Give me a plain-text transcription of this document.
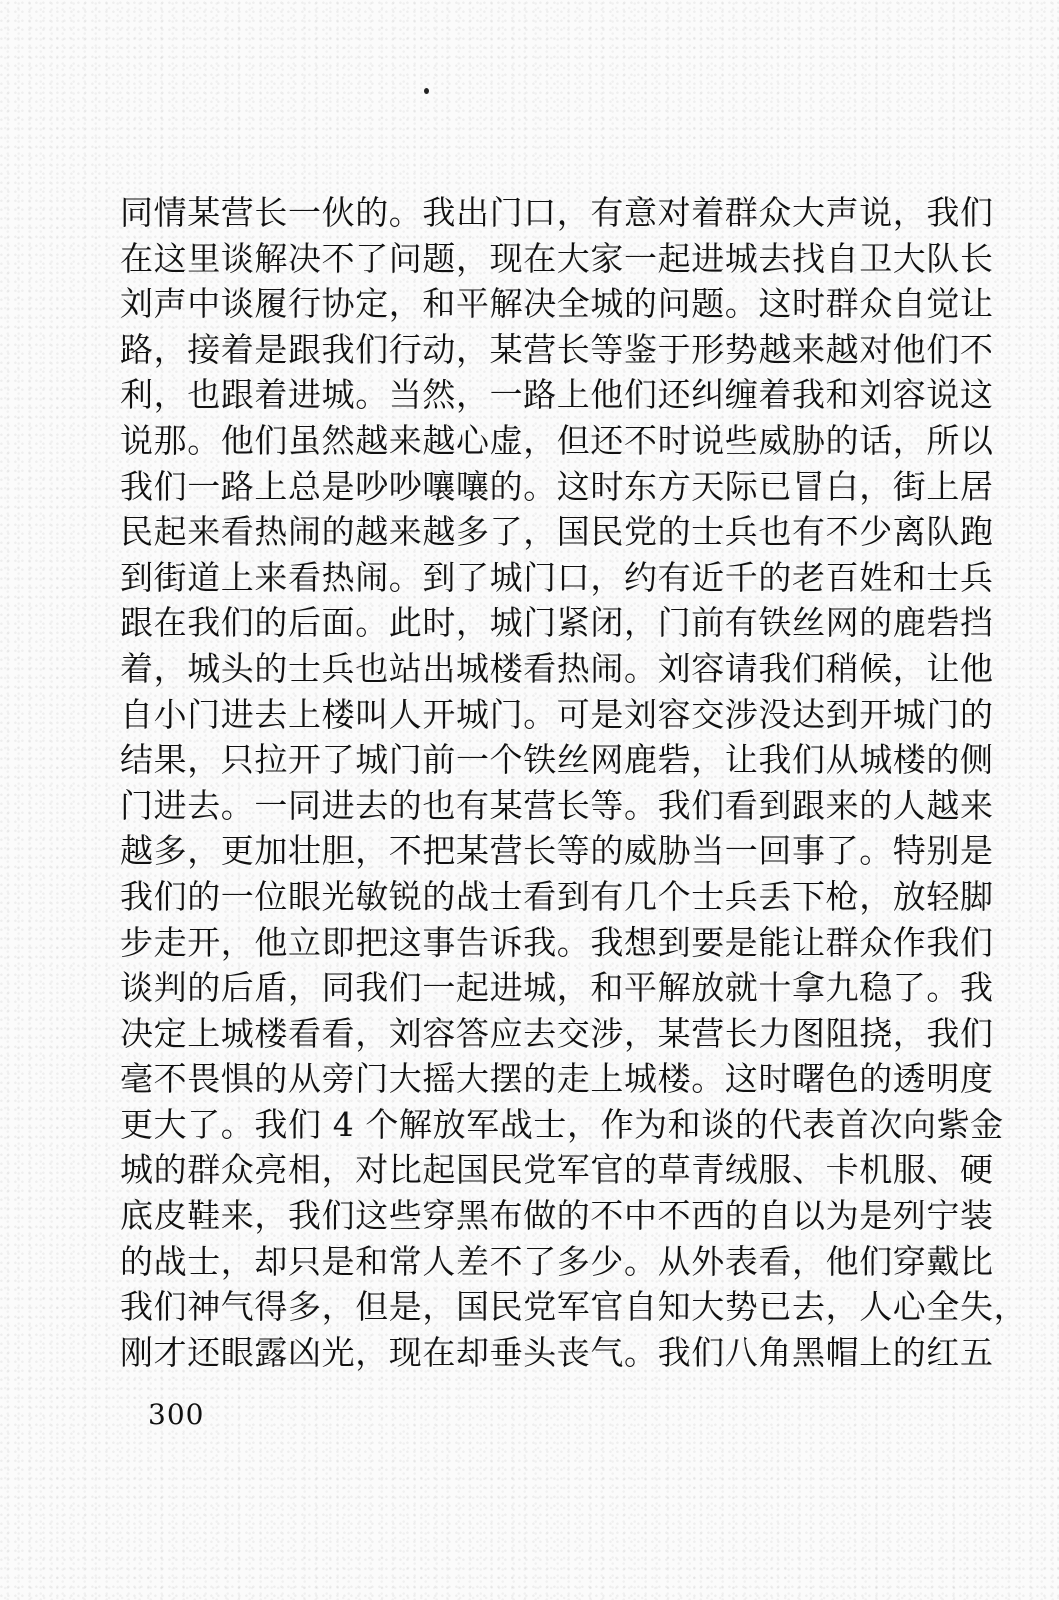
同情某营长一伙的。我出门口，有意对着群众大声说，我们
在这里谈解决不了问题，现在大家一起进城去找自卫大队长
刘声中谈履行协定，和平解决全城的问题。这时群众自觉让
路，接着是跟我们行动，某营长等鉴于形势越来越对他们不
利，也跟着进城。当然，一路上他们还纠缠着我和刘容说这
说那。他们虽然越来越心虚，但还不时说些威胁的话，所以
我们一路上总是吵吵嚷嚷的。这时东方天际已冒白，街上居
民起来看热闹的越来越多了，国民党的士兵也有不少离队跑
到街道上来看热闹。到了城门口，约有近千的老百姓和士兵
跟在我们的后面。此时，城门紧闭，门前有铁丝网的鹿砦挡
着，城头的士兵也站出城楼看热闹。刘容请我们稍候，让他
自小门进去上楼叫人开城门。可是刘容交涉没达到开城门的
结果，只拉开了城门前一个铁丝网鹿砦，让我们从城楼的侧
门进去。一同进去的也有某营长等。我们看到跟来的人越来
越多，更加壮胆，不把某营长等的威胁当一回事了。特别是
我们的一位眼光敏锐的战士看到有几个士兵丢下枪，放轻脚
步走开，他立即把这事告诉我。我想到要是能让群众作我们
谈判的后盾，同我们一起进城，和平解放就十拿九稳了。我
决定上城楼看看，刘容答应去交涉，某营长力图阻挠，我们
毫不畏惧的从旁门大摇大摆的走上城楼。这时曙色的透明度
更大了。我们 4 个解放军战士，作为和谈的代表首次向紫金
城的群众亮相，对比起国民党军官的草青绒服、卡机服、硬
底皮鞋来，我们这些穿黑布做的不中不西的自以为是列宁装
的战士，却只是和常人差不了多少。从外表看，他们穿戴比
我们神气得多，但是，国民党军官自知大势已去，人心全失，
刚才还眼露凶光，现在却垂头丧气。我们八角黑帽上的红五
300
